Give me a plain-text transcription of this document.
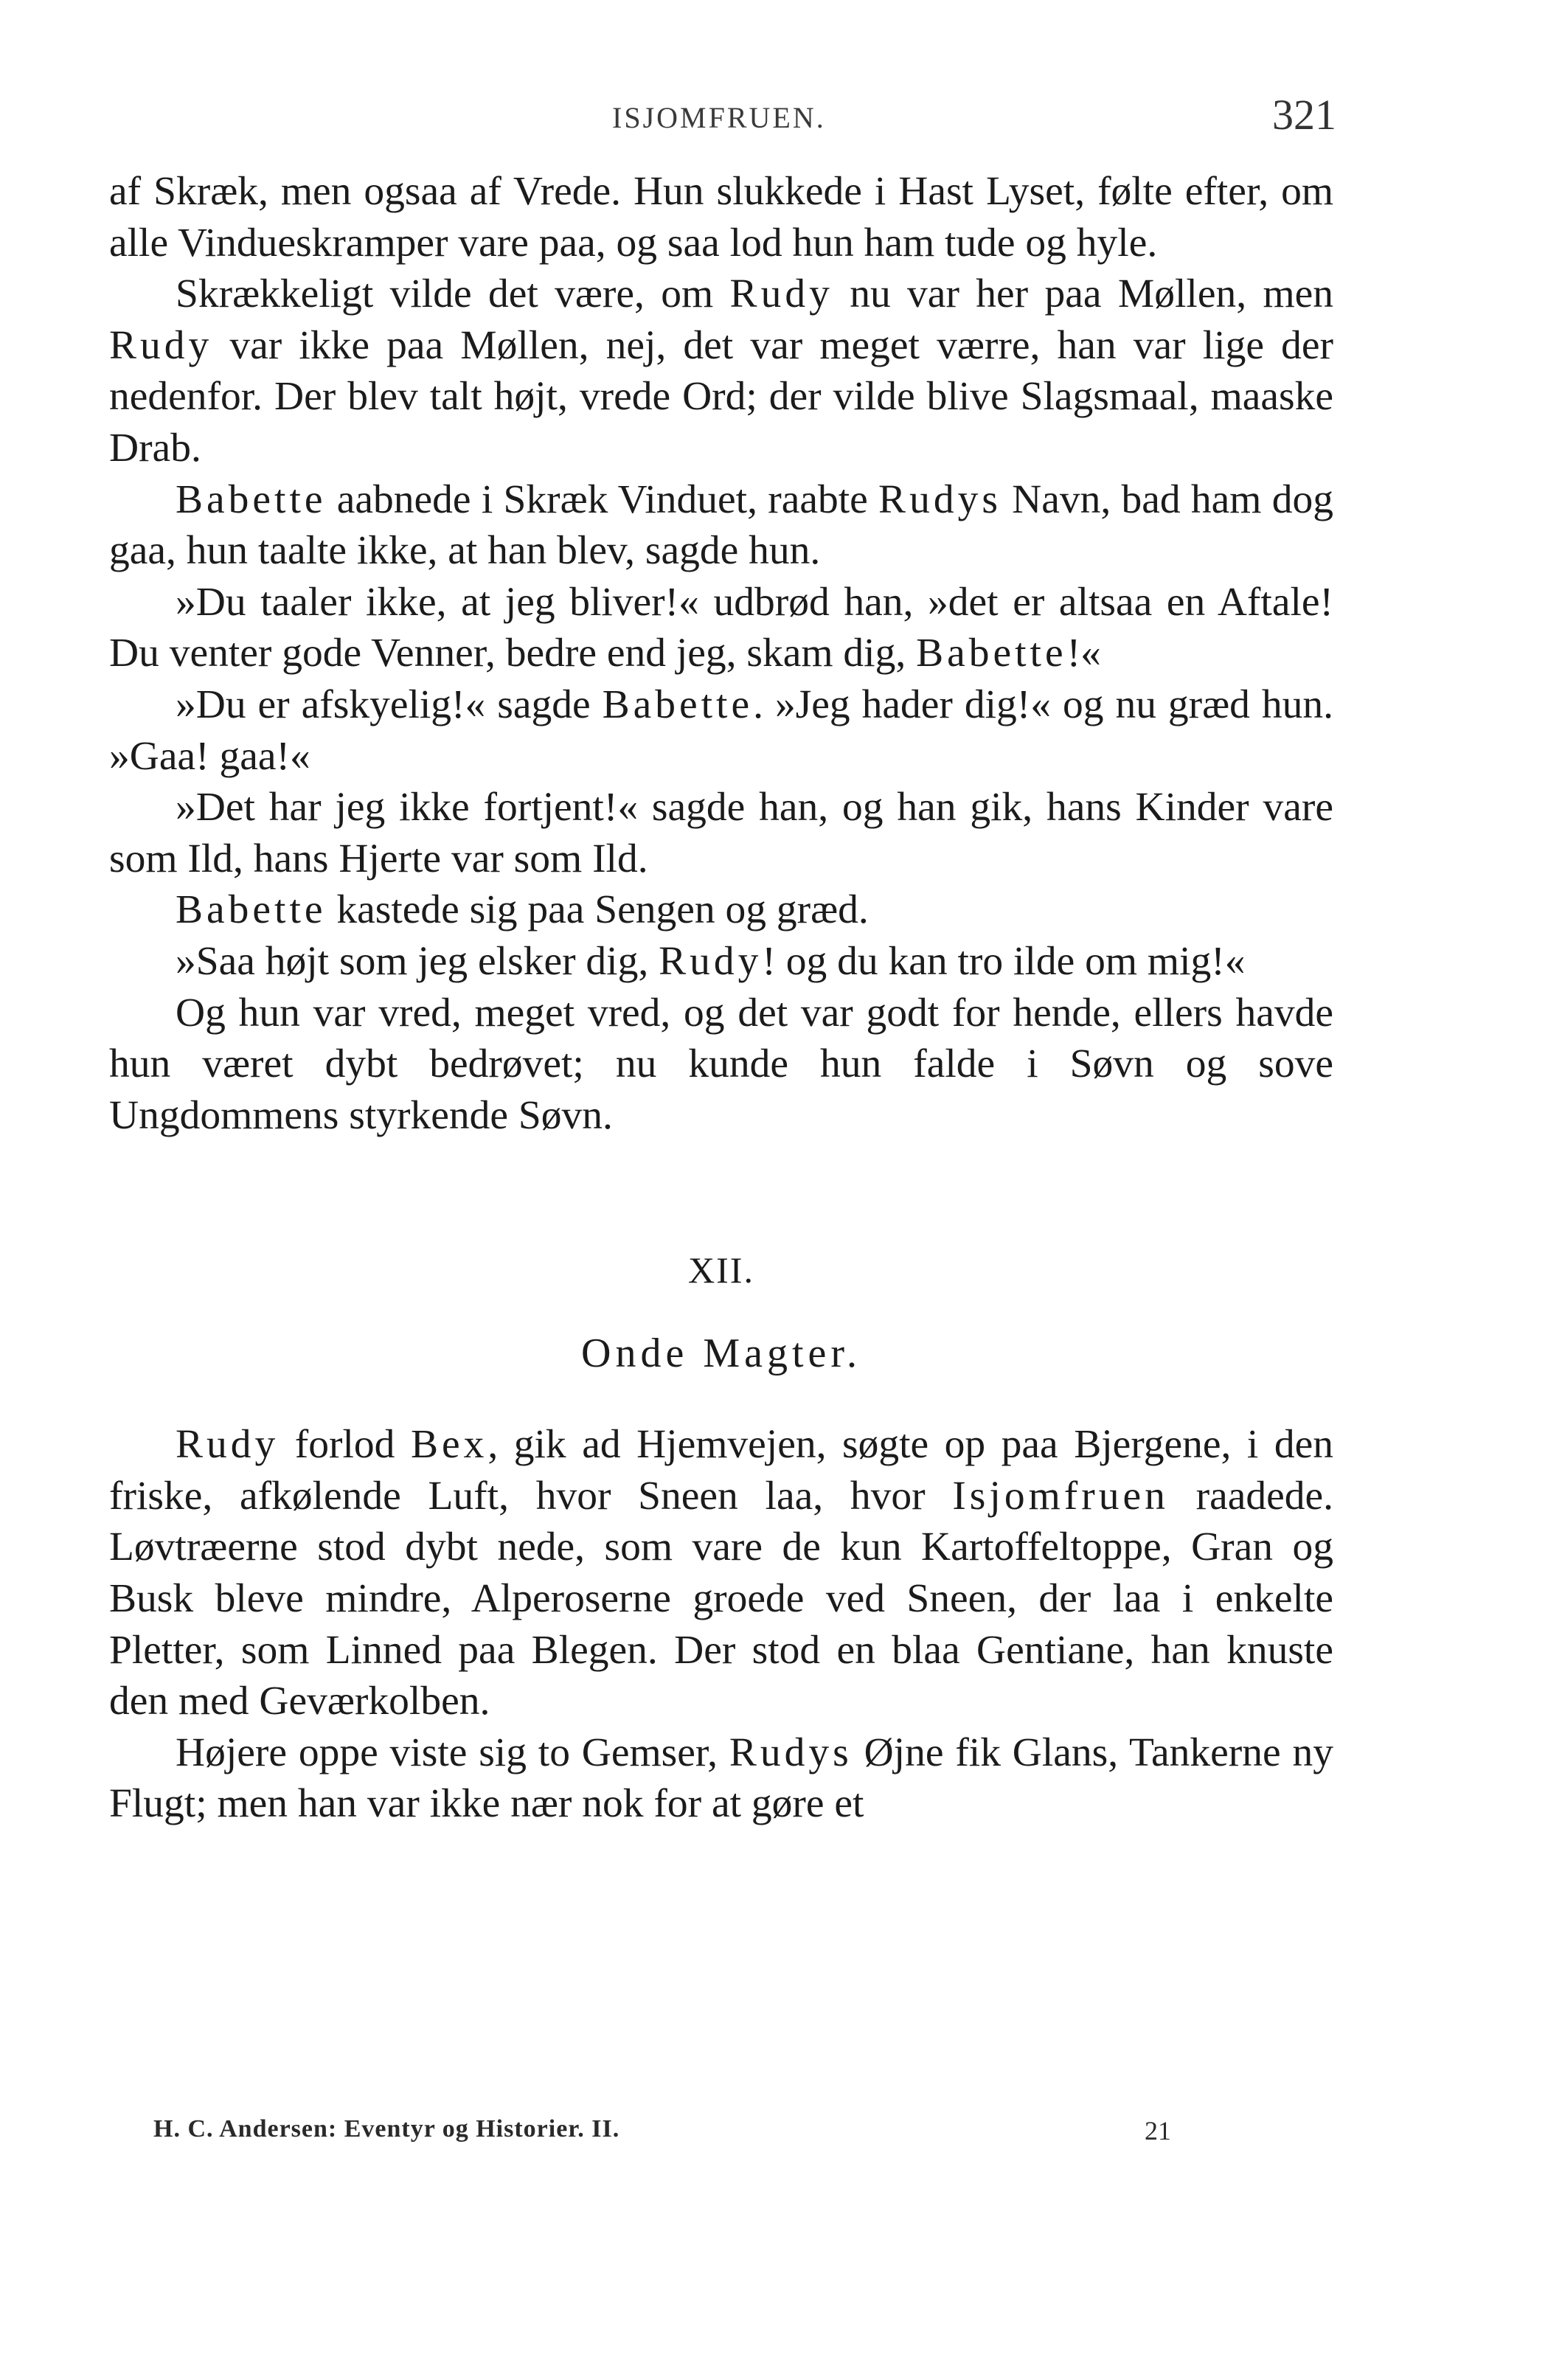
ISJOMFRUEN.	321

af Skræk, men ogsaa af Vrede. Hun slukkede i Hast Lyset, følte efter, om alle Vindueskramper vare paa, og saa lod hun ham tude og hyle.

Skrækkeligt vilde det være, om Rudy nu var her paa Møllen, men Rudy var ikke paa Møllen, nej, det var meget værre, han var lige der nedenfor. Der blev talt højt, vrede Ord; der vilde blive Slagsmaal, maaske Drab.

Babette aabnede i Skræk Vinduet, raabte Rudys Navn, bad ham dog gaa, hun taalte ikke, at han blev, sagde hun.

»Du taaler ikke, at jeg bliver!« udbrød han, »det er altsaa en Aftale! Du venter gode Venner, bedre end jeg, skam dig, Babette!«

»Du er afskyelig!« sagde Babette. »Jeg hader dig!« og nu græd hun. »Gaa! gaa!«

»Det har jeg ikke fortjent!« sagde han, og han gik, hans Kinder vare som Ild, hans Hjerte var som Ild.

Babette kastede sig paa Sengen og græd.

»Saa højt som jeg elsker dig, Rudy! og du kan tro ilde om mig!«

Og hun var vred, meget vred, og det var godt for hende, ellers havde hun været dybt bedrøvet; nu kunde hun falde i Søvn og sove Ungdommens styrkende Søvn.

XII.
Onde Magter.

Rudy forlod Bex, gik ad Hjemvejen, søgte op paa Bjergene, i den friske, afkølende Luft, hvor Sneen laa, hvor Isjomfruen raadede. Løvtræerne stod dybt nede, som vare de kun Kartoffeltoppe, Gran og Busk bleve mindre, Alperoserne groede ved Sneen, der laa i enkelte Pletter, som Linned paa Blegen. Der stod en blaa Gentiane, han knuste den med Geværkolben.

Højere oppe viste sig to Gemser, Rudys Øjne fik Glans, Tankerne ny Flugt; men han var ikke nær nok for at gøre et

H. C. Andersen: Eventyr og Historier. II.	21
